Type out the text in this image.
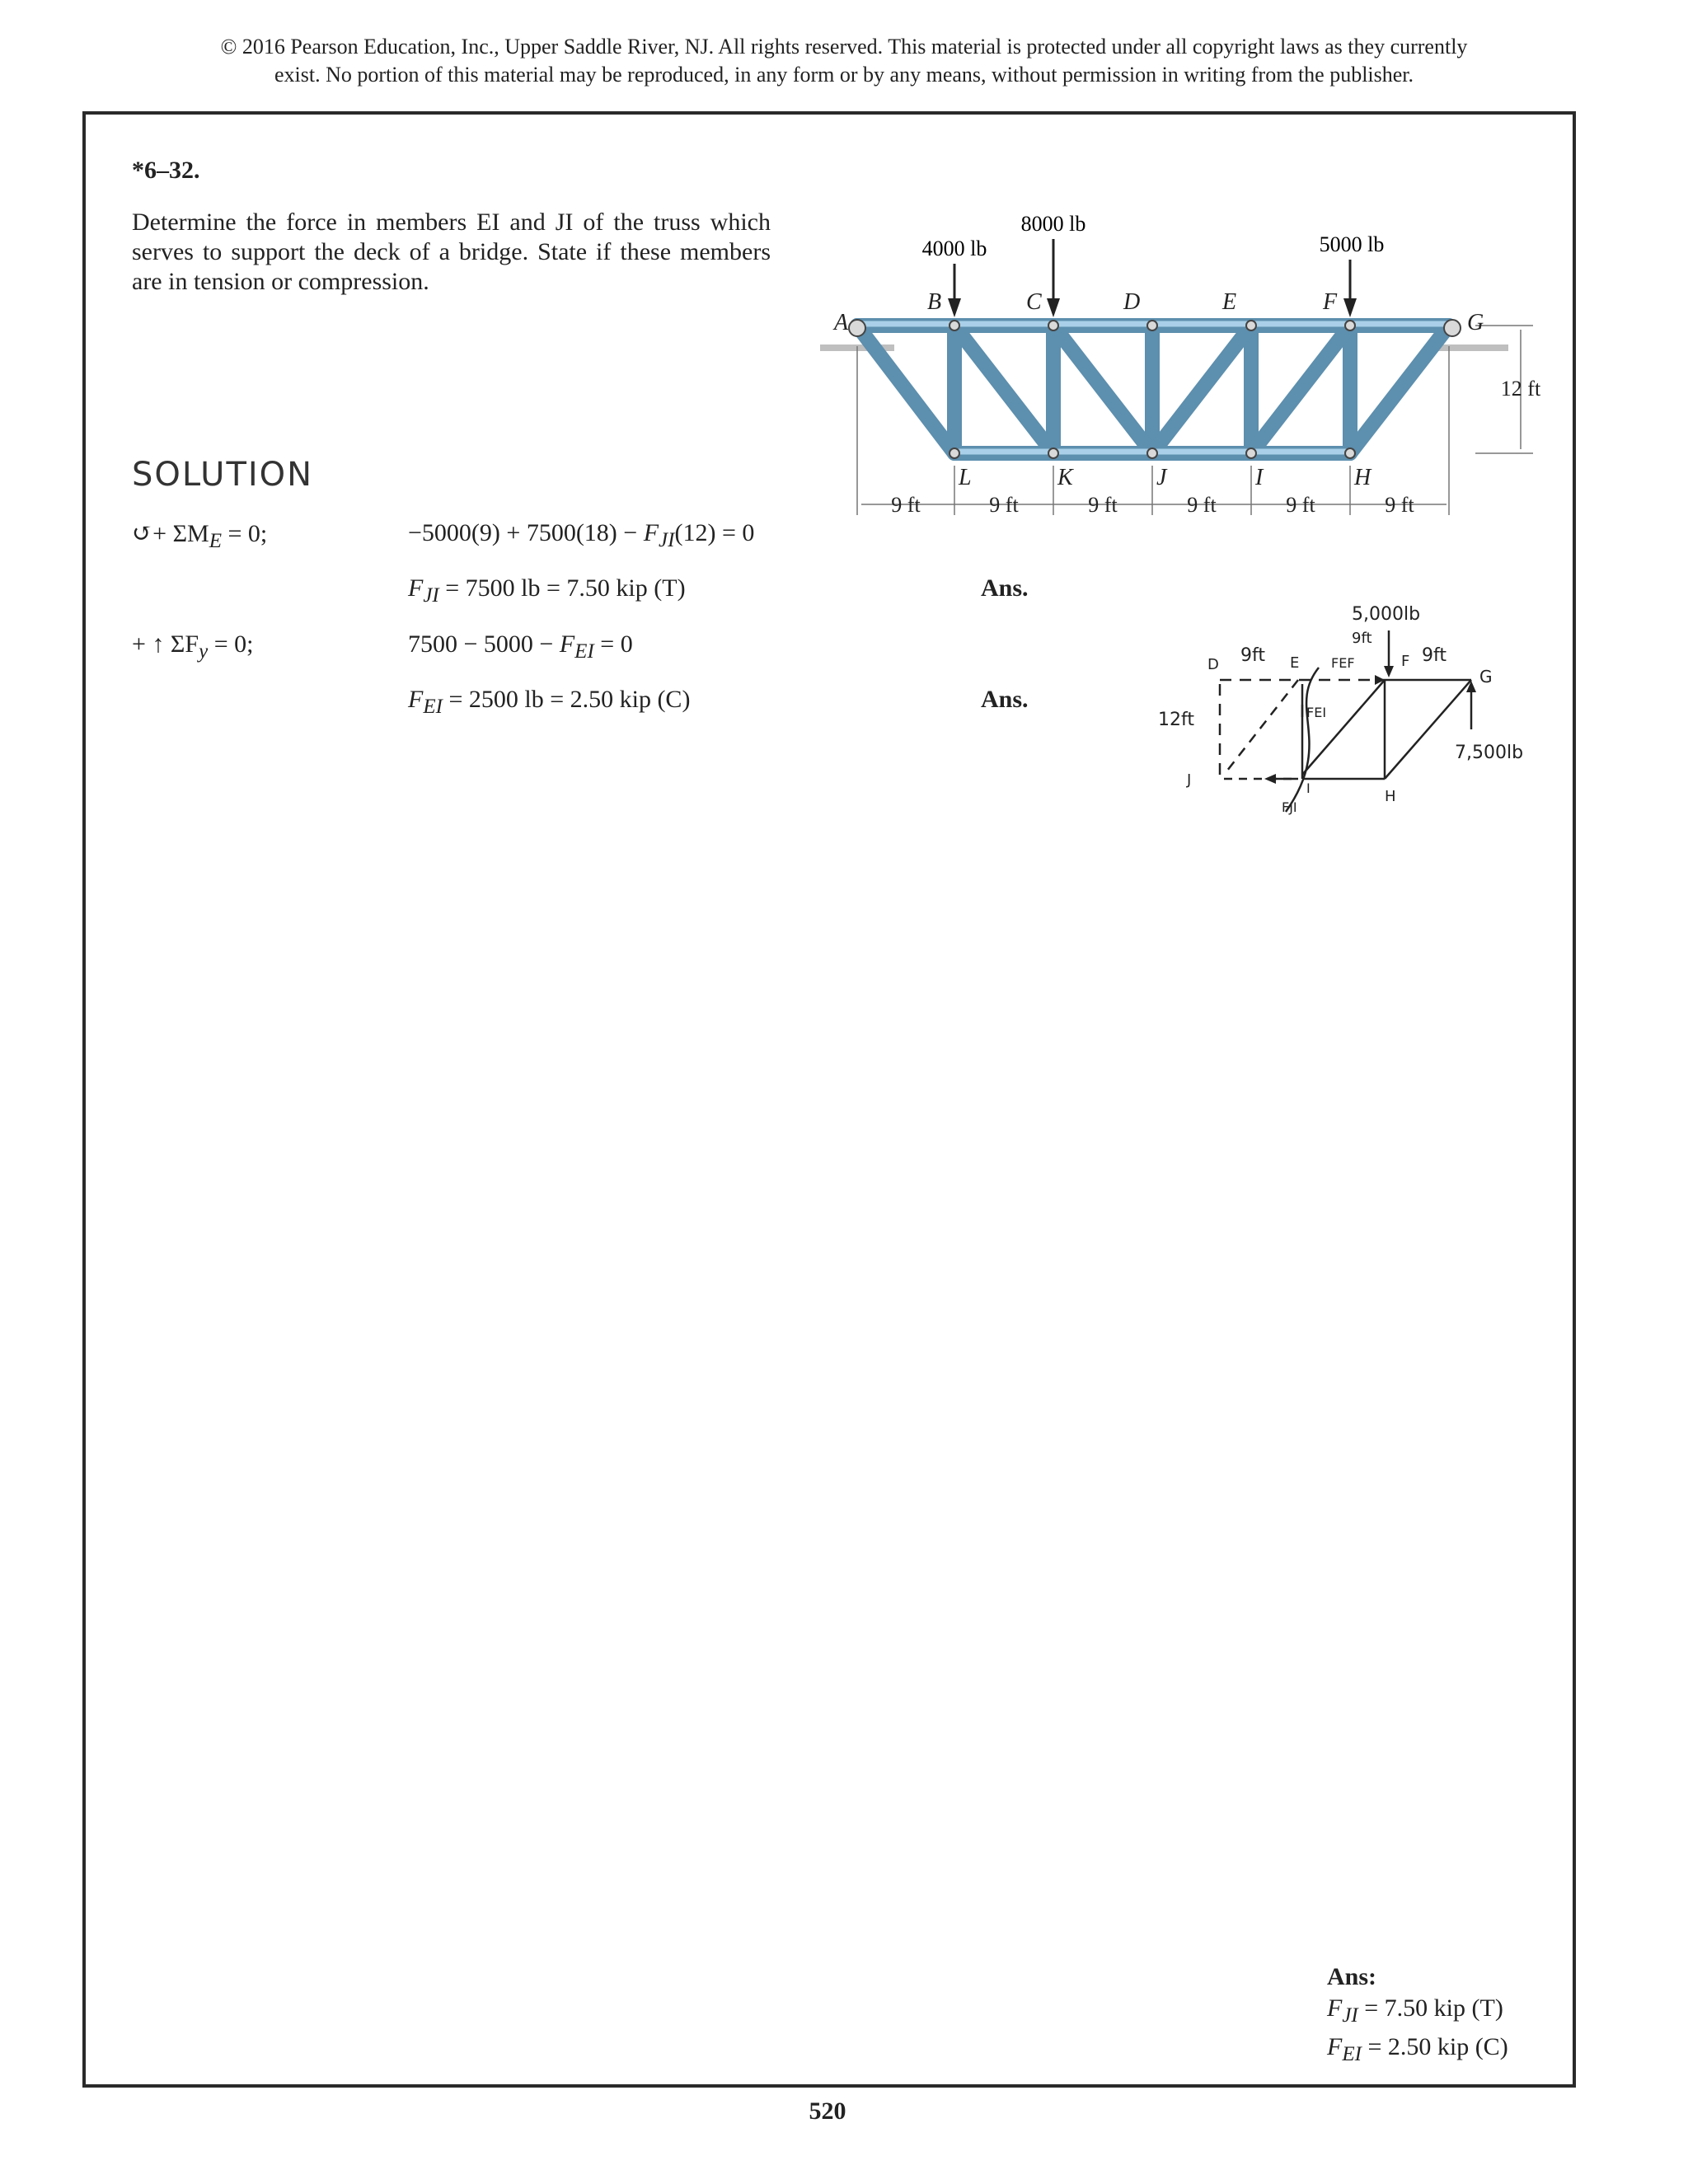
© 2016 Pearson Education, Inc., Upper Saddle River, NJ. All rights reserved. This material is protected under all copyright laws as they currently
exist. No portion of this material may be reproduced, in any form or by any means, without permission in writing from the publisher.
*6–32.
Determine the force in members EI and JI of the truss which serves to support the deck of a bridge. State if these members are in tension or compression.
4000 lb
8000 lb
5000 lb
A
B	C	D	E	F
G
L	K	J	I	H
9 ft	9 ft	9 ft	9 ft	9 ft	9 ft
12 ft
SOLUTION
↺+ $\Sigma M_E = 0$;	$-5000(9) + 7500(18) - F_{JI}(12) = 0$
$F_{JI} = 7500$ lb = 7.50 kip (T)	Ans.
+ ↑ $\Sigma F_y = 0$;	$7500 - 5000 - F_{EI} = 0$
$F_{EI} = 2500$ lb = 2.50 kip (C)	Ans.
5,000lb
9ft
9ft
9ft
12ft
D	E	F
G
H
I
J
FEF
FEI
FJI
7,500lb
Ans:
$F_{JI} = 7.50$ kip (T)
$F_{EI} = 2.50$ kip (C)
520
